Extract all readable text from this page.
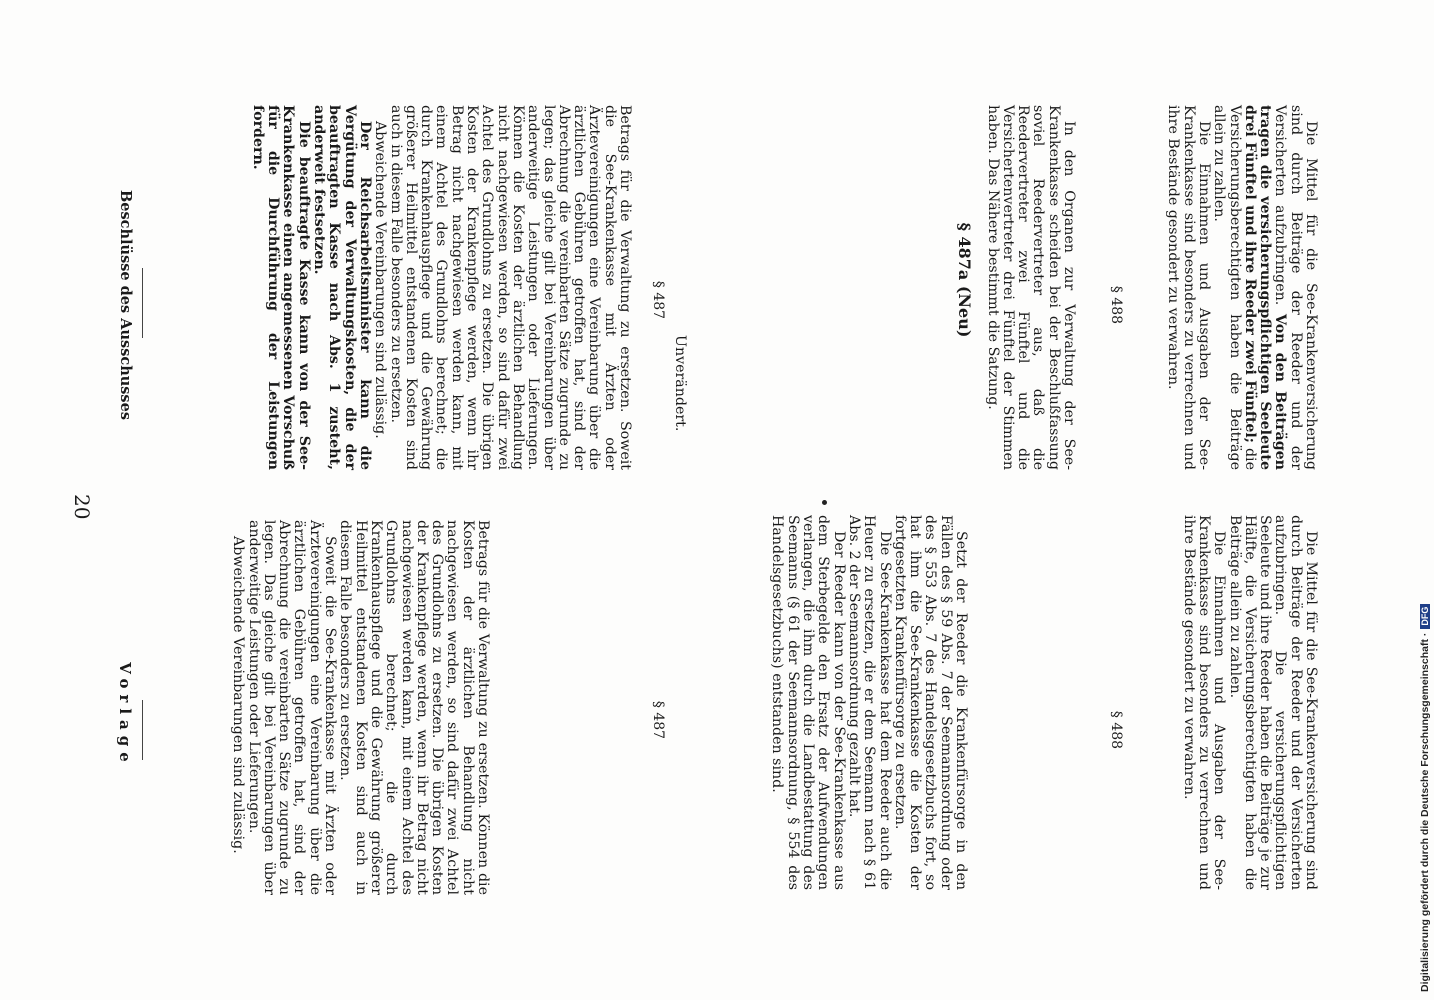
20
Vorlage	Betrags für die Verwaltung zu ersetzen. Können die Kosten der ärztlichen Behandlung nicht nachgewiesen werden, so sind dafür zwei Achtel des Grundlohns zu ersetzen. Die übrigen Kosten der Krankenpflege werden, wenn ihr Betrag nicht nachgewiesen werden kann, mit einem Achtel des Grundlohns berechnet; die durch Krankenhauspflege und die Gewährung größerer Heilmittel entstandenen Kosten sind auch in diesem Falle besonders zu ersetzen.

Soweit die See-Krankenkasse mit Ärzten oder Ärztevereinigungen eine Vereinbarung über die ärztlichen Gebühren getroffen hat, sind der Abrechnung die vereinbarten Sätze zugrunde zu legen. Das gleiche gilt bei Vereinbarungen über anderweitige Leistungen oder Lieferungen.

Abweichende Vereinbarungen sind zulässig.	§ 487	Setzt der Reeder die Krankenfürsorge in den Fällen des § 59 Abs. 7 der Seemannsordnung oder des § 553 Abs. 7 des Handelsgesetzbuchs fort, so hat ihm die See-Krankenkasse die Kosten der fortgesetzten Krankenfürsorge zu ersetzen.

Die See-Krankenkasse hat dem Reeder auch die Heuer zu ersetzen, die er dem Seemann nach § 61 Abs. 2 der Seemannsordnung gezahlt hat.

Der Reeder kann von der See-Krankenkasse aus dem Sterbegelde den Ersatz der Aufwendungen verlangen, die ihm durch die Landbestattung des Seemanns (§ 61 der Seemannsordnung, § 554 des Handelsgesetzbuchs) entstanden sind.	§ 488	Die Mittel für die See-Krankenversicherung sind durch Beiträge der Reeder und der Versicherten aufzubringen. Die versicherungspflichtigen Seeleute und ihre Reeder haben die Beiträge je zur Hälfte, die Versicherungsberechtigten haben die Beiträge allein zu zahlen.

Die Einnahmen und Ausgaben der See-Krankenkasse sind besonders zu verrechnen und ihre Bestände gesondert zu verwahren.

Beschlüsse des Ausschusses	Betrags für die Verwaltung zu ersetzen. Soweit die See-Krankenkasse mit Ärzten oder Ärztevereinigungen eine Vereinbarung über die ärztlichen Gebühren getroffen hat, sind der Abrechnung die vereinbarten Sätze zugrunde zu legen; das gleiche gilt bei Vereinbarungen über anderweitige Leistungen oder Lieferungen. Können die Kosten der ärztlichen Behandlung nicht nachgewiesen werden, so sind dafür zwei Achtel des Grundlohns zu ersetzen. Die übrigen Kosten der Krankenpflege werden, wenn ihr Betrag nicht nachgewiesen werden kann, mit einem Achtel des Grundlohns berechnet; die durch Krankenhauspflege und die Gewährung größerer Heilmittel entstandenen Kosten sind auch in diesem Falle besonders zu ersetzen.

Abweichende Vereinbarungen sind zulässig.

Der Reichsarbeitsminister kann die Vergütung der Verwaltungskosten, die der beauftragten Kasse nach Abs. 1 zusteht, anderweit festsetzen.

Die beauftragte Kasse kann von der See-Krankenkasse einen angemessenen Vorschuß für die Durchführung der Leistungen fordern.

§ 487
Unverändert.
§ 487a (Neu)	In den Organen zur Verwaltung der See-Krankenkasse scheiden bei der Beschlußfassung soviel Reedervertreter aus, daß die Reedervertreter zwei Fünftel und die Versichertenvertreter drei Fünftel der Stimmen haben. Das Nähere bestimmt die Satzung.	§ 488	Die Mittel für die See-Krankenversicherung sind durch Beiträge der Reeder und der Versicherten aufzubringen. Von den Beiträgen tragen die versicherungspflichtigen Seeleute drei Fünftel und ihre Reeder zwei Fünftel; die Versicherungsberechtigten haben die Beiträge allein zu zahlen.

Die Einnahmen und Ausgaben der See-Krankenkasse sind besonders zu verrechnen und ihre Bestände gesondert zu verwahren.

Digitalisierung gefördert durch die Deutsche Forschungsgemeinschaft ·
DFG
